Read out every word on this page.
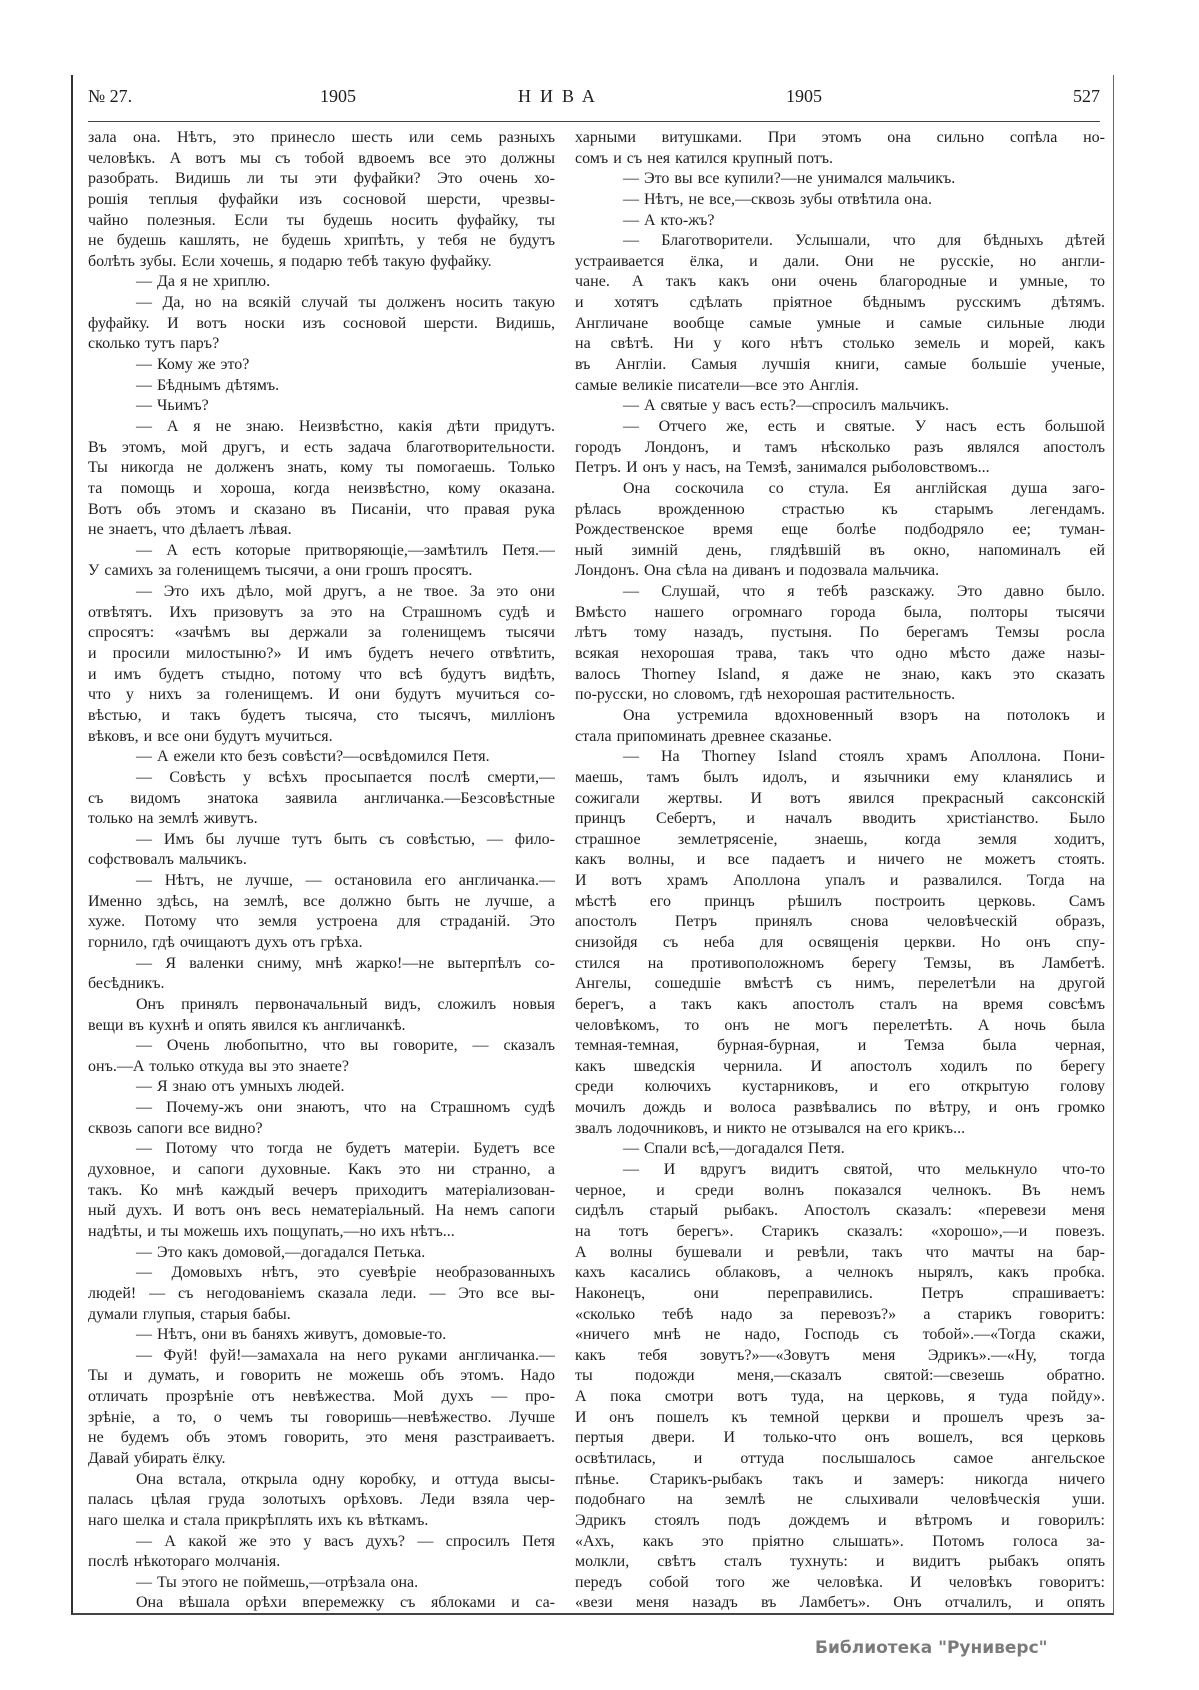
№ 27.	1905	НИВА	1905	527
зала она. Нѣтъ, это принесло шесть или семь разныхъ
человѣкъ. А вотъ мы съ тобой вдвоемъ все это должны
разобрать. Видишь ли ты эти фуфайки? Это очень хо-
рошія теплыя фуфайки изъ сосновой шерсти, чрезвы-
чайно полезныя. Если ты будешь носить фуфайку, ты
не будешь кашлять, не будешь хрипѣть, у тебя не будутъ
болѣть зубы. Если хочешь, я подарю тебѣ такую фуфайку.
— Да я не хриплю.
— Да, но на всякій случай ты долженъ носить такую
фуфайку. И вотъ носки изъ сосновой шерсти. Видишь,
сколько тутъ паръ?
— Кому же это?
— Бѣднымъ дѣтямъ.
— Чьимъ?
— А я не знаю. Неизвѣстно, какія дѣти придутъ.
Въ этомъ, мой другъ, и есть задача благотворительности.
Ты никогда не долженъ знать, кому ты помогаешь. Только
та помощь и хороша, когда неизвѣстно, кому оказана.
Вотъ объ этомъ и сказано въ Писаніи, что правая рука
не знаетъ, что дѣлаетъ лѣвая.
— А есть которые притворяющіе,—замѣтилъ Петя.—
У самихъ за голенищемъ тысячи, а они грошъ просятъ.
— Это ихъ дѣло, мой другъ, а не твое. За это они
отвѣтятъ. Ихъ призовутъ за это на Страшномъ судѣ и
спросятъ: «зачѣмъ вы держали за голенищемъ тысячи
и просили милостыню?» И имъ будетъ нечего отвѣтить,
и имъ будетъ стыдно, потому что всѣ будутъ видѣть,
что у нихъ за голенищемъ. И они будутъ мучиться со-
вѣстью, и такъ будетъ тысяча, сто тысячъ, милліонъ
вѣковъ, и все они будутъ мучиться.
— А ежели кто безъ совѣсти?—освѣдомился Петя.
— Совѣсть у всѣхъ просыпается послѣ смерти,—
съ видомъ знатока заявила англичанка.—Безсовѣстные
только на землѣ живутъ.
— Имъ бы лучше тутъ быть съ совѣстью, — фило-
софствовалъ мальчикъ.
— Нѣтъ, не лучше, — остановила его англичанка.—
Именно здѣсь, на землѣ, все должно быть не лучше, а
хуже. Потому что земля устроена для страданій. Это
горнило, гдѣ очищаютъ духъ отъ грѣха.
— Я валенки сниму, мнѣ жарко!—не вытерпѣлъ со-
бесѣдникъ.
Онъ принялъ первоначальный видъ, сложилъ новыя
вещи въ кухнѣ и опять явился къ англичанкѣ.
— Очень любопытно, что вы говорите, — сказалъ
онъ.—А только откуда вы это знаете?
— Я знаю отъ умныхъ людей.
— Почему-жъ они знаютъ, что на Страшномъ судѣ
сквозь сапоги все видно?
— Потому что тогда не будетъ матеріи. Будетъ все
духовное, и сапоги духовные. Какъ это ни странно, а
такъ. Ко мнѣ каждый вечеръ приходитъ матеріализован-
ный духъ. И вотъ онъ весь нематеріальный. На немъ сапоги
надѣты, и ты можешь ихъ пощупать,—но ихъ нѣтъ...
— Это какъ домовой,—догадался Петька.
— Домовыхъ нѣтъ, это суевѣріе необразованныхъ
людей! — съ негодованіемъ сказала леди. — Это все вы-
думали глупыя, старыя бабы.
— Нѣтъ, они въ баняхъ живутъ, домовые-то.
— Фуй! фуй!—замахала на него руками англичанка.—
Ты и думать, и говорить не можешь объ этомъ. Надо
отличать прозрѣніе отъ невѣжества. Мой духъ — про-
зрѣніе, а то, о чемъ ты говоришь—невѣжество. Лучше
не будемъ объ этомъ говорить, это меня разстраиваетъ.
Давай убирать ёлку.
Она встала, открыла одну коробку, и оттуда высы-
палась цѣлая груда золотыхъ орѣховъ. Леди взяла чер-
наго шелка и стала прикрѣплять ихъ къ вѣткамъ.
— А какой же это у васъ духъ? — спросилъ Петя
послѣ нѣкотораго молчанія.
— Ты этого не поймешь,—отрѣзала она.
Она вѣшала орѣхи вперемежку съ яблоками и са-
харными витушками. При этомъ она сильно сопѣла но-
сомъ и съ нея катился крупный потъ.
— Это вы все купили?—не унимался мальчикъ.
— Нѣтъ, не все,—сквозь зубы отвѣтила она.
— А кто-жъ?
— Благотворители. Услышали, что для бѣдныхъ дѣтей
устраивается ёлка, и дали. Они не русскіе, но англи-
чане. А такъ какъ они очень благородные и умные, то
и хотятъ сдѣлать пріятное бѣднымъ русскимъ дѣтямъ.
Англичане вообще самые умные и самые сильные люди
на свѣтѣ. Ни у кого нѣтъ столько земель и морей, какъ
въ Англіи. Самыя лучшія книги, самые большіе ученые,
самые великіе писатели—все это Англія.
— А святые у васъ есть?—спросилъ мальчикъ.
— Отчего же, есть и святые. У насъ есть большой
городъ Лондонъ, и тамъ нѣсколько разъ являлся апостолъ
Петръ. И онъ у насъ, на Темзѣ, занимался рыболовствомъ...
Она соскочила со стула. Ея англійская душа заго-
рѣлась врожденною страстью къ старымъ легендамъ.
Рождественское время еще болѣе подбодряло ее; туман-
ный зимній день, глядѣвшій въ окно, напоминалъ ей
Лондонъ. Она сѣла на диванъ и подозвала мальчика.
— Слушай, что я тебѣ разскажу. Это давно было.
Вмѣсто нашего огромнаго города была, полторы тысячи
лѣтъ тому назадъ, пустыня. По берегамъ Темзы росла
всякая нехорошая трава, такъ что одно мѣсто даже назы-
валось Thorney Island, я даже не знаю, какъ это сказать
по-русски, но словомъ, гдѣ нехорошая растительность.
Она устремила вдохновенный взоръ на потолокъ и
стала припоминать древнее сказанье.
— На Thorney Island стоялъ храмъ Аполлона. Пони-
маешь, тамъ былъ идолъ, и язычники ему кланялись и
сожигали жертвы. И вотъ явился прекрасный саксонскій
принцъ Себертъ, и началъ вводить христіанство. Было
страшное землетрясеніе, знаешь, когда земля ходитъ,
какъ волны, и все падаетъ и ничего не можетъ стоять.
И вотъ храмъ Аполлона упалъ и развалился. Тогда на
мѣстѣ его принцъ рѣшилъ построить церковь. Самъ
апостолъ Петръ принялъ снова человѣческій образъ,
снизойдя съ неба для освященія церкви. Но онъ спу-
стился на противоположномъ берегу Темзы, въ Ламбетѣ.
Ангелы, сошедшіе вмѣстѣ съ нимъ, перелетѣли на другой
берегъ, а такъ какъ апостолъ сталъ на время совсѣмъ
человѣкомъ, то онъ не могъ перелетѣть. А ночь была
темная-темная, бурная-бурная, и Темза была черная,
какъ шведскія чернила. И апостолъ ходилъ по берегу
среди колючихъ кустарниковъ, и его открытую голову
мочилъ дождь и волоса развѣвались по вѣтру, и онъ громко
звалъ лодочниковъ, и никто не отзывался на его крикъ...
— Спали всѣ,—догадался Петя.
— И вдругъ видитъ святой, что мелькнуло что-то
черное, и среди волнъ показался челнокъ. Въ немъ
сидѣлъ старый рыбакъ. Апостолъ сказалъ: «перевези меня
на тотъ берегъ». Старикъ сказалъ: «хорошо»,—и повезъ.
А волны бушевали и ревѣли, такъ что мачты на бар-
кахъ касались облаковъ, а челнокъ нырялъ, какъ пробка.
Наконецъ, они переправились. Петръ спрашиваетъ:
«сколько тебѣ надо за перевозъ?» а старикъ говоритъ:
«ничего мнѣ не надо, Господь съ тобой».—«Тогда скажи,
какъ тебя зовутъ?»—«Зовутъ меня Эдрикъ».—«Ну, тогда
ты подожди меня,—сказалъ святой:—свезешь обратно.
А пока смотри вотъ туда, на церковь, я туда пойду».
И онъ пошелъ къ темной церкви и прошелъ чрезъ за-
пертыя двери. И только-что онъ вошелъ, вся церковь
освѣтилась, и оттуда послышалось самое ангельское
пѣнье. Старикъ-рыбакъ такъ и замеръ: никогда ничего
подобнаго на землѣ не слыхивали человѣческія уши.
Эдрикъ стоялъ подъ дождемъ и вѣтромъ и говорилъ:
«Ахъ, какъ это пріятно слышать». Потомъ голоса за-
молкли, свѣтъ сталъ тухнуть: и видитъ рыбакъ опять
передъ собой того же человѣка. И человѣкъ говоритъ:
«вези меня назадъ въ Ламбетъ». Онъ отчалилъ, и опять
Библиотека "Руниверс"
